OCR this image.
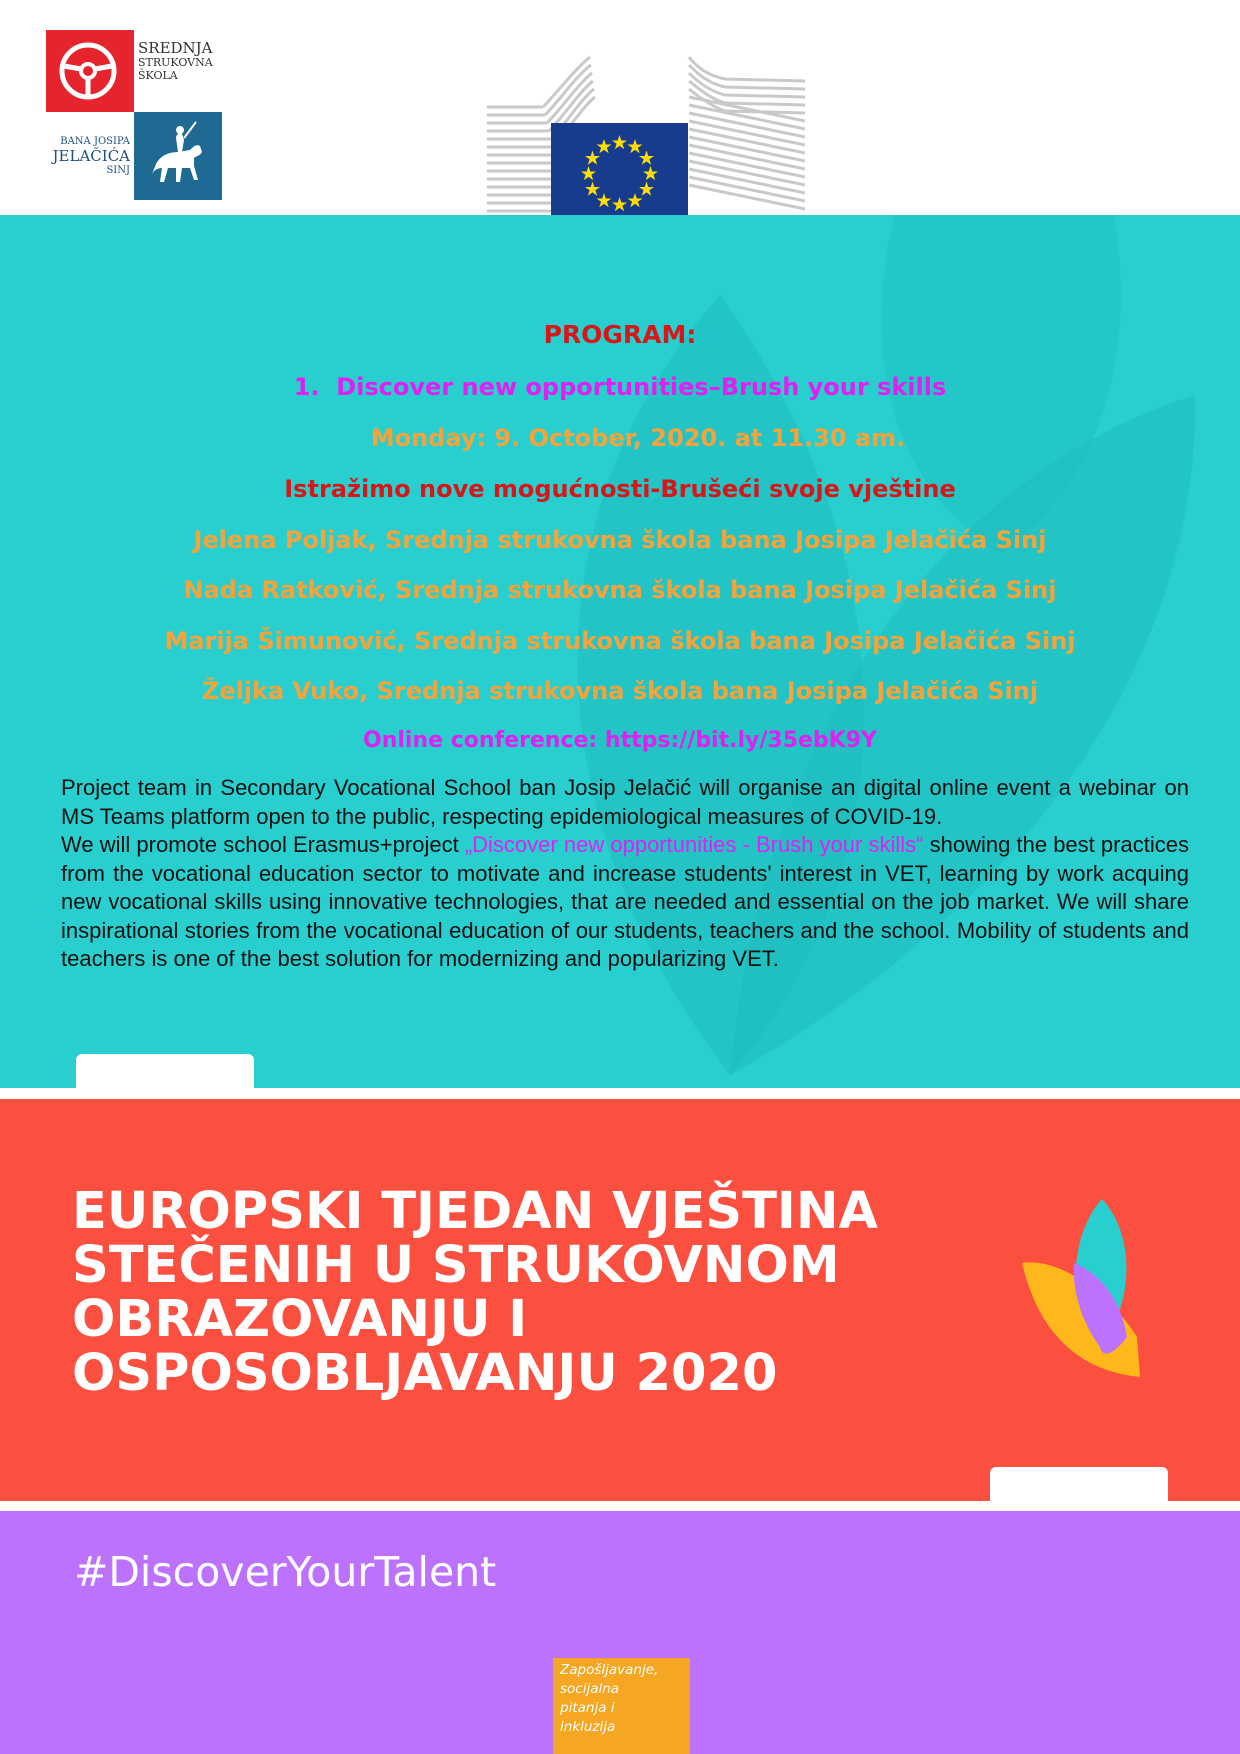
SREDNJA
STRUKOVNA
ŠKOLA
BANA JOSIPA
JELAČIĆA
SINJ
PROGRAM:
1. Discover new opportunities–Brush your skills
Monday: 9. October, 2020. at 11.30 am.
Istražimo nove mogućnosti-Brušeći svoje vještine
Jelena Poljak, Srednja strukovna škola bana Josipa Jelačića Sinj
Nada Ratković, Srednja strukovna škola bana Josipa Jelačića Sinj
Marija Šimunović, Srednja strukovna škola bana Josipa Jelačića Sinj
Željka Vuko, Srednja strukovna škola bana Josipa Jelačića Sinj
Online conference: https://bit.ly/35ebK9Y

Project team in Secondary Vocational School ban Josip Jelačić will organise an digital online event a webinar on MS Teams platform open to the public, respecting epidemiological measures of COVID-19.

We will promote school Erasmus+project „Discover new opportunities - Brush your skills“ showing the best practices from the vocational education sector to motivate and increase students' interest in VET, learning by work acquing new vocational skills using innovative technologies, that are needed and essential on the job market. We will share inspirational stories from the vocational education of our students, teachers and the school. Mobility of students and teachers is one of the best solution for modernizing and popularizing VET.

EUROPSKI TJEDAN VJEŠTINA
STEČENIH U STRUKOVNOM
OBRAZOVANJU I
OSPOSOBLJAVANJU 2020
#DiscoverYourTalent
Zapošljavanje,
socijalna
pitanja i
inkluzija
